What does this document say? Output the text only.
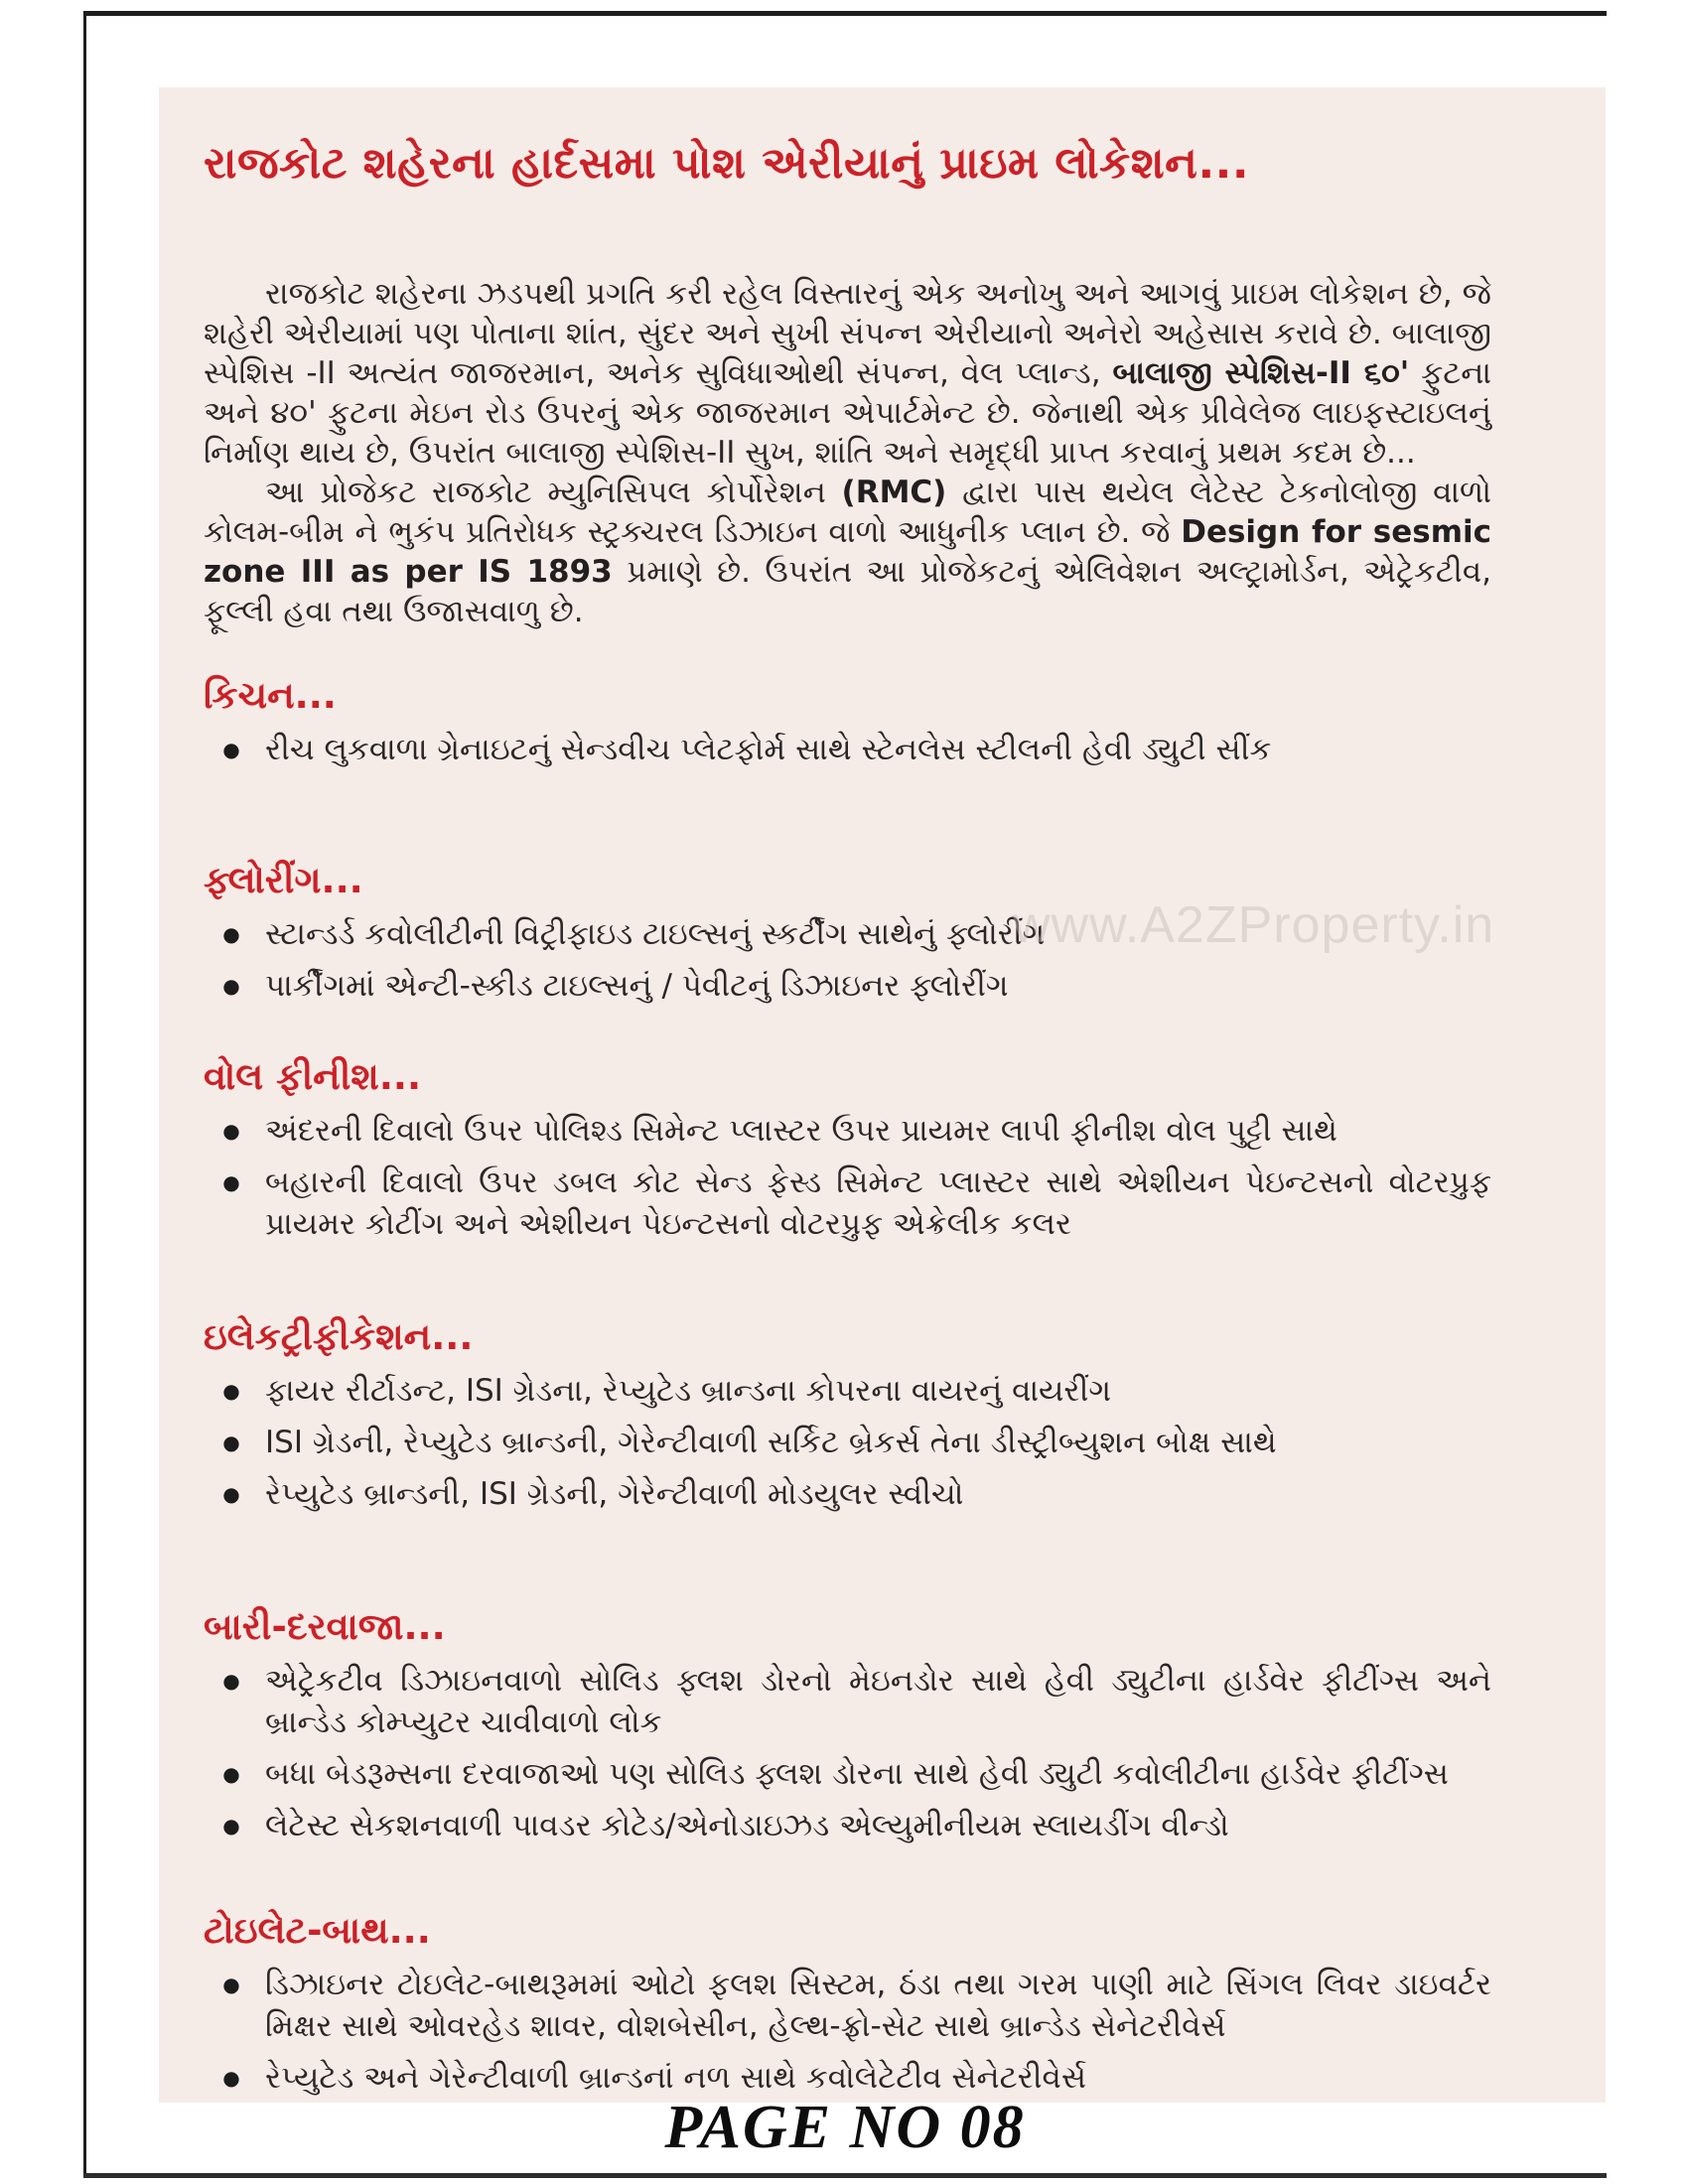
www.A2ZProperty.in

રાજકોટ શહેરના હાર્દસમા પોશ એરીયાનું પ્રાઇમ લોકેશન...

રાજકોટ શહેરના ઝડપથી પ્રગતિ કરી રહેલ વિસ્તારનું એક અનોખુ અને આગવું પ્રાઇમ લોકેશન છે, જે શહેરી એરીયામાં પણ પોતાના શાંત, સુંદર અને સુખી સંપન્ન એરીયાનો અનેરો અહેસાસ કરાવે છે. બાલાજી સ્પેશિસ -II અત્યંત જાજરમાન, અનેક સુવિધાઓથી સંપન્ન, વેલ પ્લાન્ડ, બાલાજી સ્પેશિસ-II ૬૦' ફુટના અને ૪૦' ફુટના મેઇન રોડ ઉપરનું એક જાજરમાન એપાર્ટમેન્ટ છે. જેનાથી એક પ્રીવેલેજ લાઇફસ્ટાઇલનું નિર્માણ થાય છે, ઉપરાંત બાલાજી સ્પેશિસ-II સુખ, શાંતિ અને સમૃદ્ધી પ્રાપ્ત કરવાનું પ્રથમ કદમ છે...

આ પ્રોજેકટ રાજકોટ મ્યુનિસિપલ કોર્પોરેશન (RMC) દ્વારા પાસ થયેલ લેટેસ્ટ ટેકનોલોજી વાળો કોલમ-બીમ ને ભુકંપ પ્રતિરોધક સ્ટ્રક્ચરલ ડિઝાઇન વાળો આધુનીક પ્લાન છે. જે Design for sesmic zone III as per IS 1893 પ્રમાણે છે. ઉપરાંત આ પ્રોજેકટનું એલિવેશન અલ્ટ્રામોર્ડન, એટ્રેકટીવ, ફૂલ્લી હવા તથા ઉજાસવાળુ છે.

કિચન...
● રીચ લુકવાળા ગ્રેનાઇટનું સેન્ડવીચ પ્લેટફોર્મ સાથે સ્ટેનલેસ સ્ટીલની હેવી ડ્યુટી સીંક
ફ્લોરીંગ...
● સ્ટાન્ડર્ડ કવોલીટીની વિટ્રીફાઇડ ટાઇલ્સનું સ્કર્ટીંગ સાથેનું ફ્લોરીંગ
● પાર્કીંગમાં એન્ટી-સ્કીડ ટાઇલ્સનું / પેવીટનું ડિઝાઇનર ફ્લોરીંગ
વોલ ફીનીશ...
● અંદરની દિવાલો ઉપર પોલિશ્ડ સિમેન્ટ પ્લાસ્ટર ઉપર પ્રાયમર લાપી ફીનીશ વોલ પુટ્ટી સાથે
● બહારની દિવાલો ઉપર ડબલ કોટ સેન્ડ ફેસ્ડ સિમેન્ટ પ્લાસ્ટર સાથે એશીયન પેઇન્ટસનો વોટરપ્રુફ પ્રાયમર કોટીંગ અને એશીયન પેઇન્ટસનો વોટરપ્રુફ એક્રેલીક કલર
ઇલેકટ્રીફીકેશન...
● ફાયર રીર્ટાડન્ટ, ISI ગ્રેડના, રેપ્યુટેડ બ્રાન્ડના કોપરના વાયરનું વાયરીંગ
● ISI ગ્રેડની, રેપ્યુટેડ બ્રાન્ડની, ગેરેન્ટીવાળી સર્કિટ બ્રેકર્સ તેના ડીસ્ટ્રીબ્યુશન બોક્ષ સાથે
● રેપ્યુટેડ બ્રાન્ડની, ISI ગ્રેડની, ગેરેન્ટીવાળી મોડયુલર સ્વીચો
બારી-દરવાજા...
● એટ્રેકટીવ ડિઝાઇનવાળો સોલિડ ફ્લશ ડોરનો મેઇનડોર સાથે હેવી ડ્યુટીના હાર્ડવેર ફીટીંગ્સ અને બ્રાન્ડેડ કોમ્પ્યુટર ચાવીવાળો લોક
● બધા બેડરૂમ્સના દરવાજાઓ પણ સોલિડ ફ્લશ ડોરના સાથે હેવી ડ્યુટી કવોલીટીના હાર્ડવેર ફીટીંગ્સ
● લેટેસ્ટ સેકશનવાળી પાવડર કોટેડ/એનોડાઇઝડ એલ્યુમીનીયમ સ્લાયડીંગ વીન્ડો
ટોઇલેટ-બાથ...
● ડિઝાઇનર ટોઇલેટ-બાથરૂમમાં ઓટો ફલશ સિસ્ટમ, ઠંડા તથા ગરમ પાણી માટે સિંગલ લિવર ડાઇવર્ટર મિક્ષર સાથે ઓવરહેડ શાવર, વોશબેસીન, હેલ્થ-ફ્રો-સેટ સાથે બ્રાન્ડેડ સેનેટરીવેર્સ
● રેપ્યુટેડ અને ગેરેન્ટીવાળી બ્રાન્ડનાં નળ સાથે કવોલેટેટીવ સેનેટરીવેર્સ
PAGE NO 08
